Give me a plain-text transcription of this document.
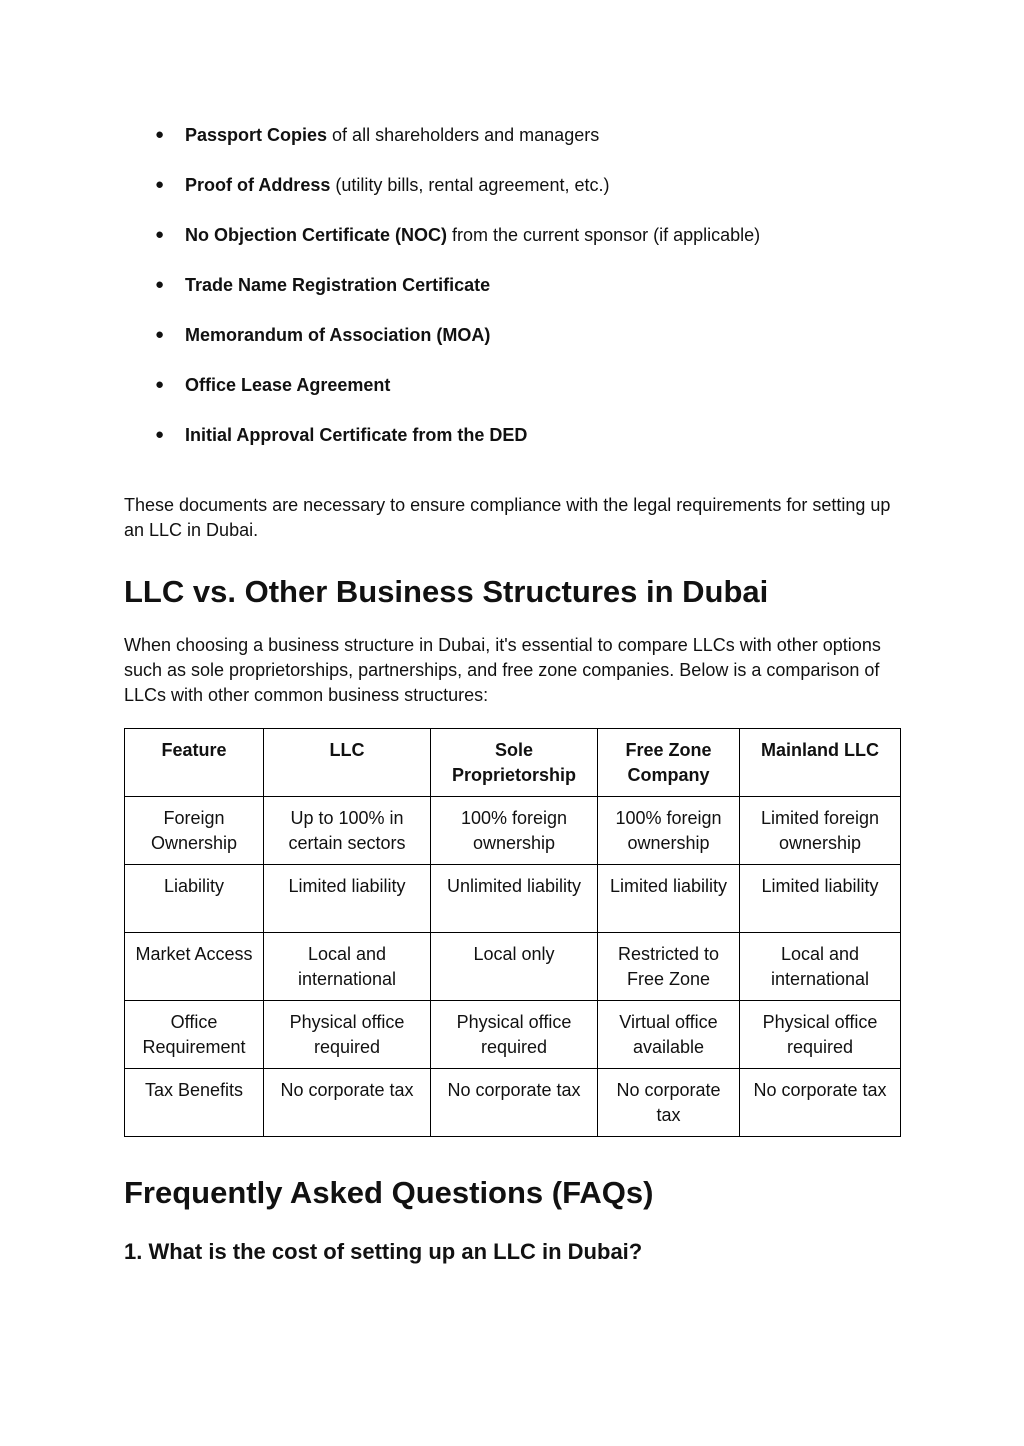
● Passport Copies of all shareholders and managers
● Proof of Address (utility bills, rental agreement, etc.)
● No Objection Certificate (NOC) from the current sponsor (if applicable)
● Trade Name Registration Certificate
● Memorandum of Association (MOA)
● Office Lease Agreement
● Initial Approval Certificate from the DED

These documents are necessary to ensure compliance with the legal requirements for setting up an LLC in Dubai.

LLC vs. Other Business Structures in Dubai

When choosing a business structure in Dubai, it's essential to compare LLCs with other options such as sole proprietorships, partnerships, and free zone companies. Below is a comparison of LLCs with other common business structures:

Feature	LLC	Sole Proprietorship	Free Zone Company	Mainland LLC
Foreign Ownership	Up to 100% in certain sectors	100% foreign ownership	100% foreign ownership	Limited foreign ownership
Liability	Limited liability	Unlimited liability	Limited liability	Limited liability
Market Access	Local and international	Local only	Restricted to Free Zone	Local and international
Office Requirement	Physical office required	Physical office required	Virtual office available	Physical office required
Tax Benefits	No corporate tax	No corporate tax	No corporate tax	No corporate tax
Frequently Asked Questions (FAQs)
1. What is the cost of setting up an LLC in Dubai?
